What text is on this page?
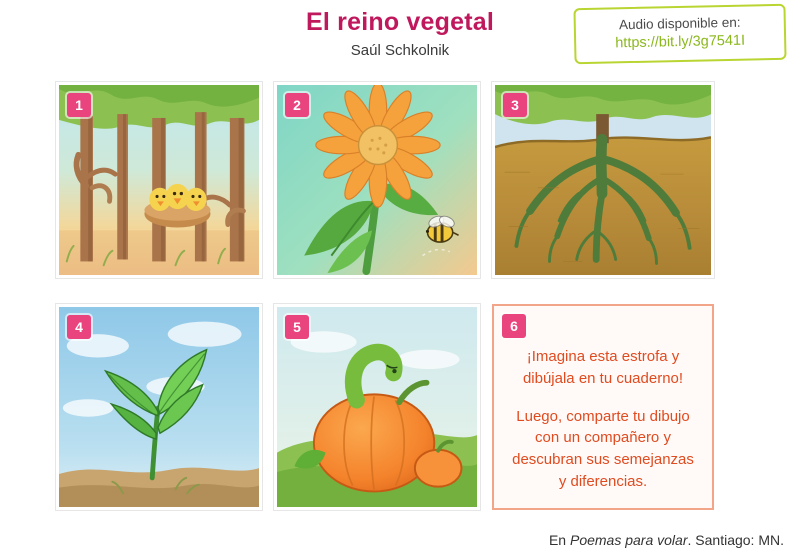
El reino vegetal
Saúl Schkolnik
Audio disponible en:
https://bit.ly/3g7541I
1	2	3
4	5	6

¡Imagina esta estrofa y dibújala en tu cuaderno!

Luego, comparte tu dibujo con un compañero y descubran sus semejanzas y diferencias.

En Poemas para volar. Santiago: MN.
